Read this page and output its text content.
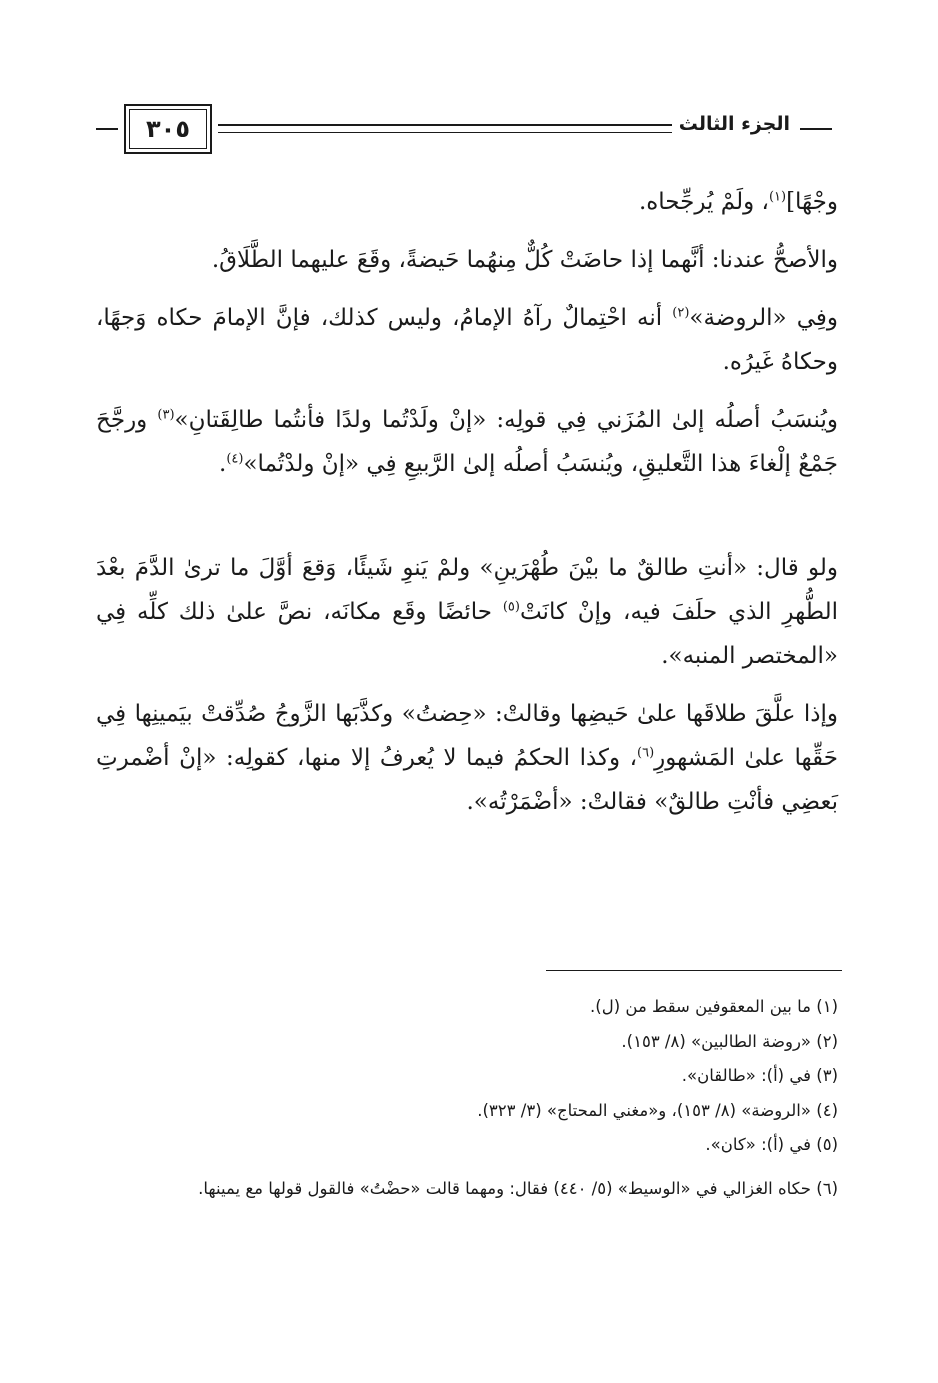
٣٠٥	الجزء الثالث

وجْهًا]$^{(١)}$، ولَمْ يُرجِّحاه.

والأصحُّ عندنا: أنَّهما إذا حاضَتْ كُلٌّ مِنهُما حَيضةً، وقَعَ عليهما الطَّلَاقُ.

وفِي «الروضة»$^{(٢)}$ أنه احْتِمالٌ رآهُ الإمامُ، وليس كذلك، فإنَّ الإمامَ حكاه وَجهًا، وحكاهُ غَيرُه.

ويُنسَبُ أصلُه إلىٰ المُزَني فِي قولِه: «إنْ ولَدْتُما ولدًا فأنتُما طالِقَتانِ»$^{(٣)}$ ورجَّحَ جَمْعٌ إلْغاءَ هذا التَّعليقِ، ويُنسَبُ أصلُه إلىٰ الرَّبيعِ فِي «إنْ ولدْتُما»$^{(٤)}$.

ولو قال: «أنتِ طالقٌ ما بيْنَ طُهْرَينِ» ولمْ يَنوِ شَيئًا، وَقعَ أوَّلَ ما ترىٰ الدَّمَ بعْدَ الطُّهرِ الذي حلَفَ فيه، وإنْ كانَتْ$^{(٥)}$ حائضًا وقَع مكانَه، نصَّ علىٰ ذلك كلِّه فِي «المختصر المنبه».

وإذا علَّقَ طلاقَها علىٰ حَيضِها وقالتْ: «حِضتُ» وكذَّبَها الزَّوجُ صُدِّقتْ بيَمينِها فِي حَقِّها علىٰ المَشهورِ$^{(٦)}$، وكذا الحكمُ فيما لا يُعرفُ إلا منها، كقولِه: «إنْ أضْمرتِ بَعضِي فأنْتِ طالقٌ» فقالتْ: «أضْمَرْتُه».

(١) ما بين المعقوفين سقط من (ل).

(٢) «روضة الطالبين» (٨/ ١٥٣).

(٣) في (أ): «طالقان».

(٤) «الروضة» (٨/ ١٥٣)، و«مغني المحتاج» (٣/ ٣٢٣).

(٥) في (أ): «كان».

(٦) حكاه الغزالي في «الوسيط» (٥/ ٤٤٠) فقال: ومهما قالت «حضْتُ» فالقول قولها مع يمينها.
